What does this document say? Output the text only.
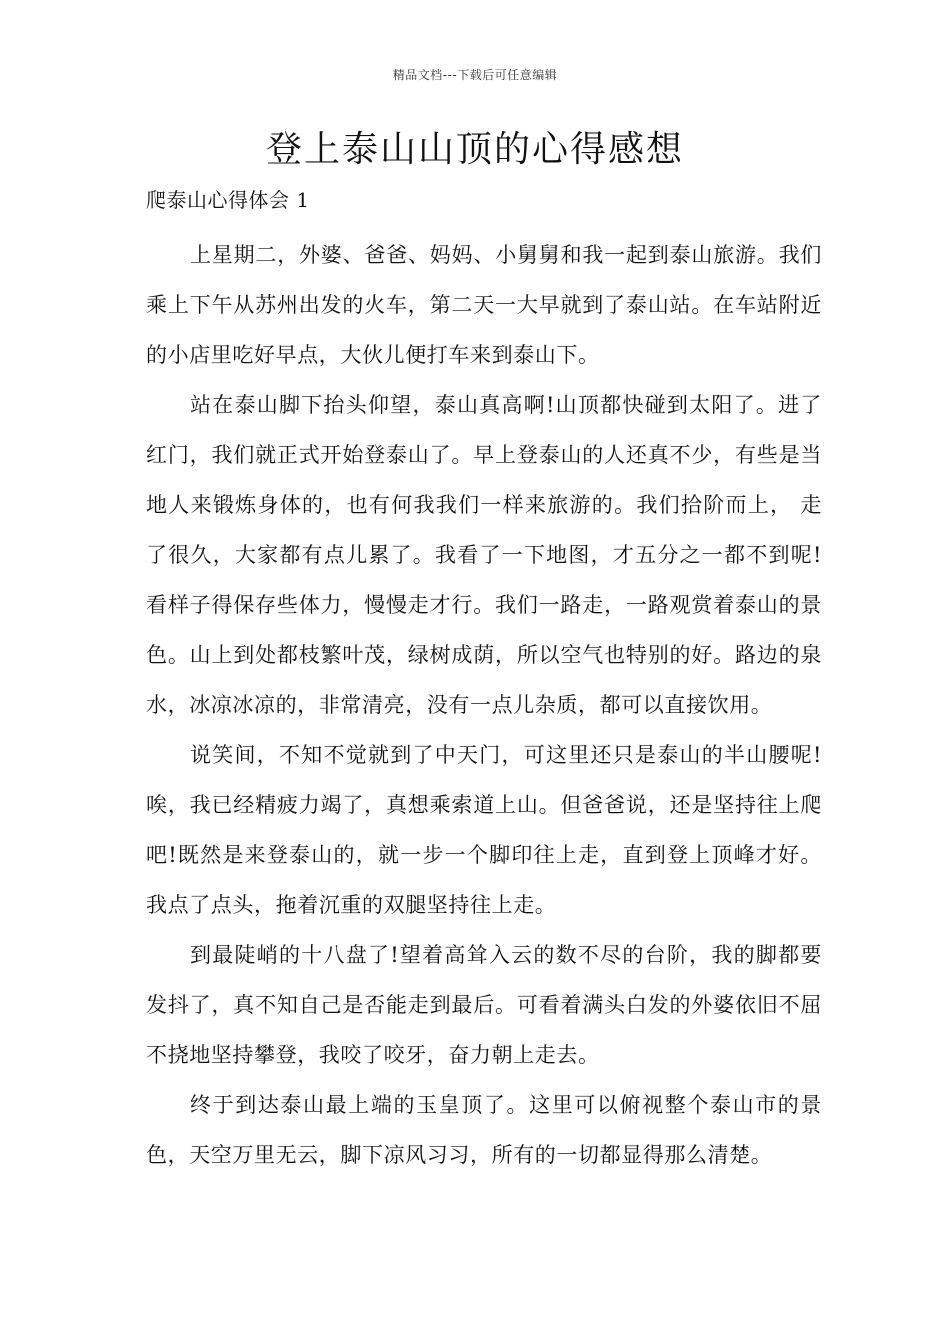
精品文档---下载后可任意编辑
登上泰山山顶的心得感想

爬泰山心得体会 1

上星期二，外婆、爸爸、妈妈、小舅舅和我一起到泰山旅游。我们乘上下午从苏州出发的火车，第二天一大早就到了泰山站。在车站附近的小店里吃好早点，大伙儿便打车来到泰山下。

站在泰山脚下抬头仰望，泰山真高啊!山顶都快碰到太阳了。进了红门，我们就正式开始登泰山了。早上登泰山的人还真不少，有些是当地人来锻炼身体的，也有何我我们一样来旅游的。我们拾阶而上， 走了很久，大家都有点儿累了。我看了一下地图，才五分之一都不到呢!看样子得保存些体力，慢慢走才行。我们一路走，一路观赏着泰山的景色。山上到处都枝繁叶茂，绿树成荫，所以空气也特别的好。路边的泉水，冰凉冰凉的，非常清亮，没有一点儿杂质，都可以直接饮用。

说笑间，不知不觉就到了中天门，可这里还只是泰山的半山腰呢!唉，我已经精疲力竭了，真想乘索道上山。但爸爸说，还是坚持往上爬吧!既然是来登泰山的，就一步一个脚印往上走，直到登上顶峰才好。我点了点头，拖着沉重的双腿坚持往上走。

到最陡峭的十八盘了!望着高耸入云的数不尽的台阶，我的脚都要发抖了，真不知自己是否能走到最后。可看着满头白发的外婆依旧不屈不挠地坚持攀登，我咬了咬牙，奋力朝上走去。

终于到达泰山最上端的玉皇顶了。这里可以俯视整个泰山市的景色，天空万里无云，脚下凉风习习，所有的一切都显得那么清楚。
